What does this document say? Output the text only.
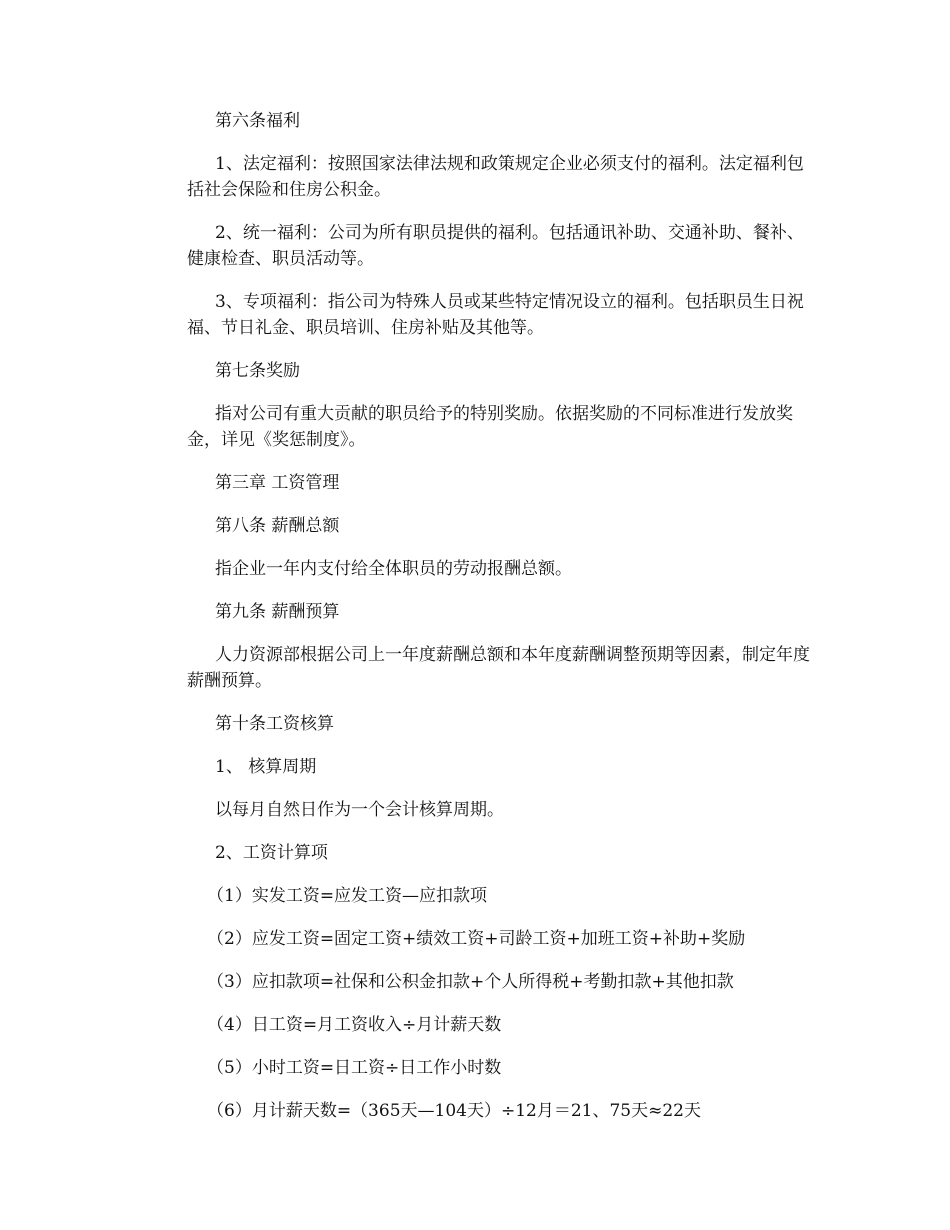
第六条福利

1、法定福利：按照国家法律法规和政策规定企业必须支付的福利。法定福利包括社会保险和住房公积金。

2、统一福利：公司为所有职员提供的福利。包括通讯补助、交通补助、餐补、健康检查、职员活动等。

3、专项福利：指公司为特殊人员或某些特定情况设立的福利。包括职员生日祝福、节日礼金、职员培训、住房补贴及其他等。

第七条奖励

指对公司有重大贡献的职员给予的特别奖励。依据奖励的不同标准进行发放奖金，详见《奖惩制度》。

第三章 工资管理

第八条 薪酬总额

指企业一年内支付给全体职员的劳动报酬总额。

第九条 薪酬预算

人力资源部根据公司上一年度薪酬总额和本年度薪酬调整预期等因素，制定年度薪酬预算。

第十条工资核算

1、 核算周期

以每月自然日作为一个会计核算周期。

2、工资计算项

（1）实发工资=应发工资—应扣款项

（2）应发工资=固定工资+绩效工资+司龄工资+加班工资+补助+奖励

（3）应扣款项=社保和公积金扣款+个人所得税+考勤扣款+其他扣款

（4）日工资=月工资收入÷月计薪天数

（5）小时工资=日工资÷日工作小时数

（6）月计薪天数=（365天—104天）÷12月＝21、75天≈22天
